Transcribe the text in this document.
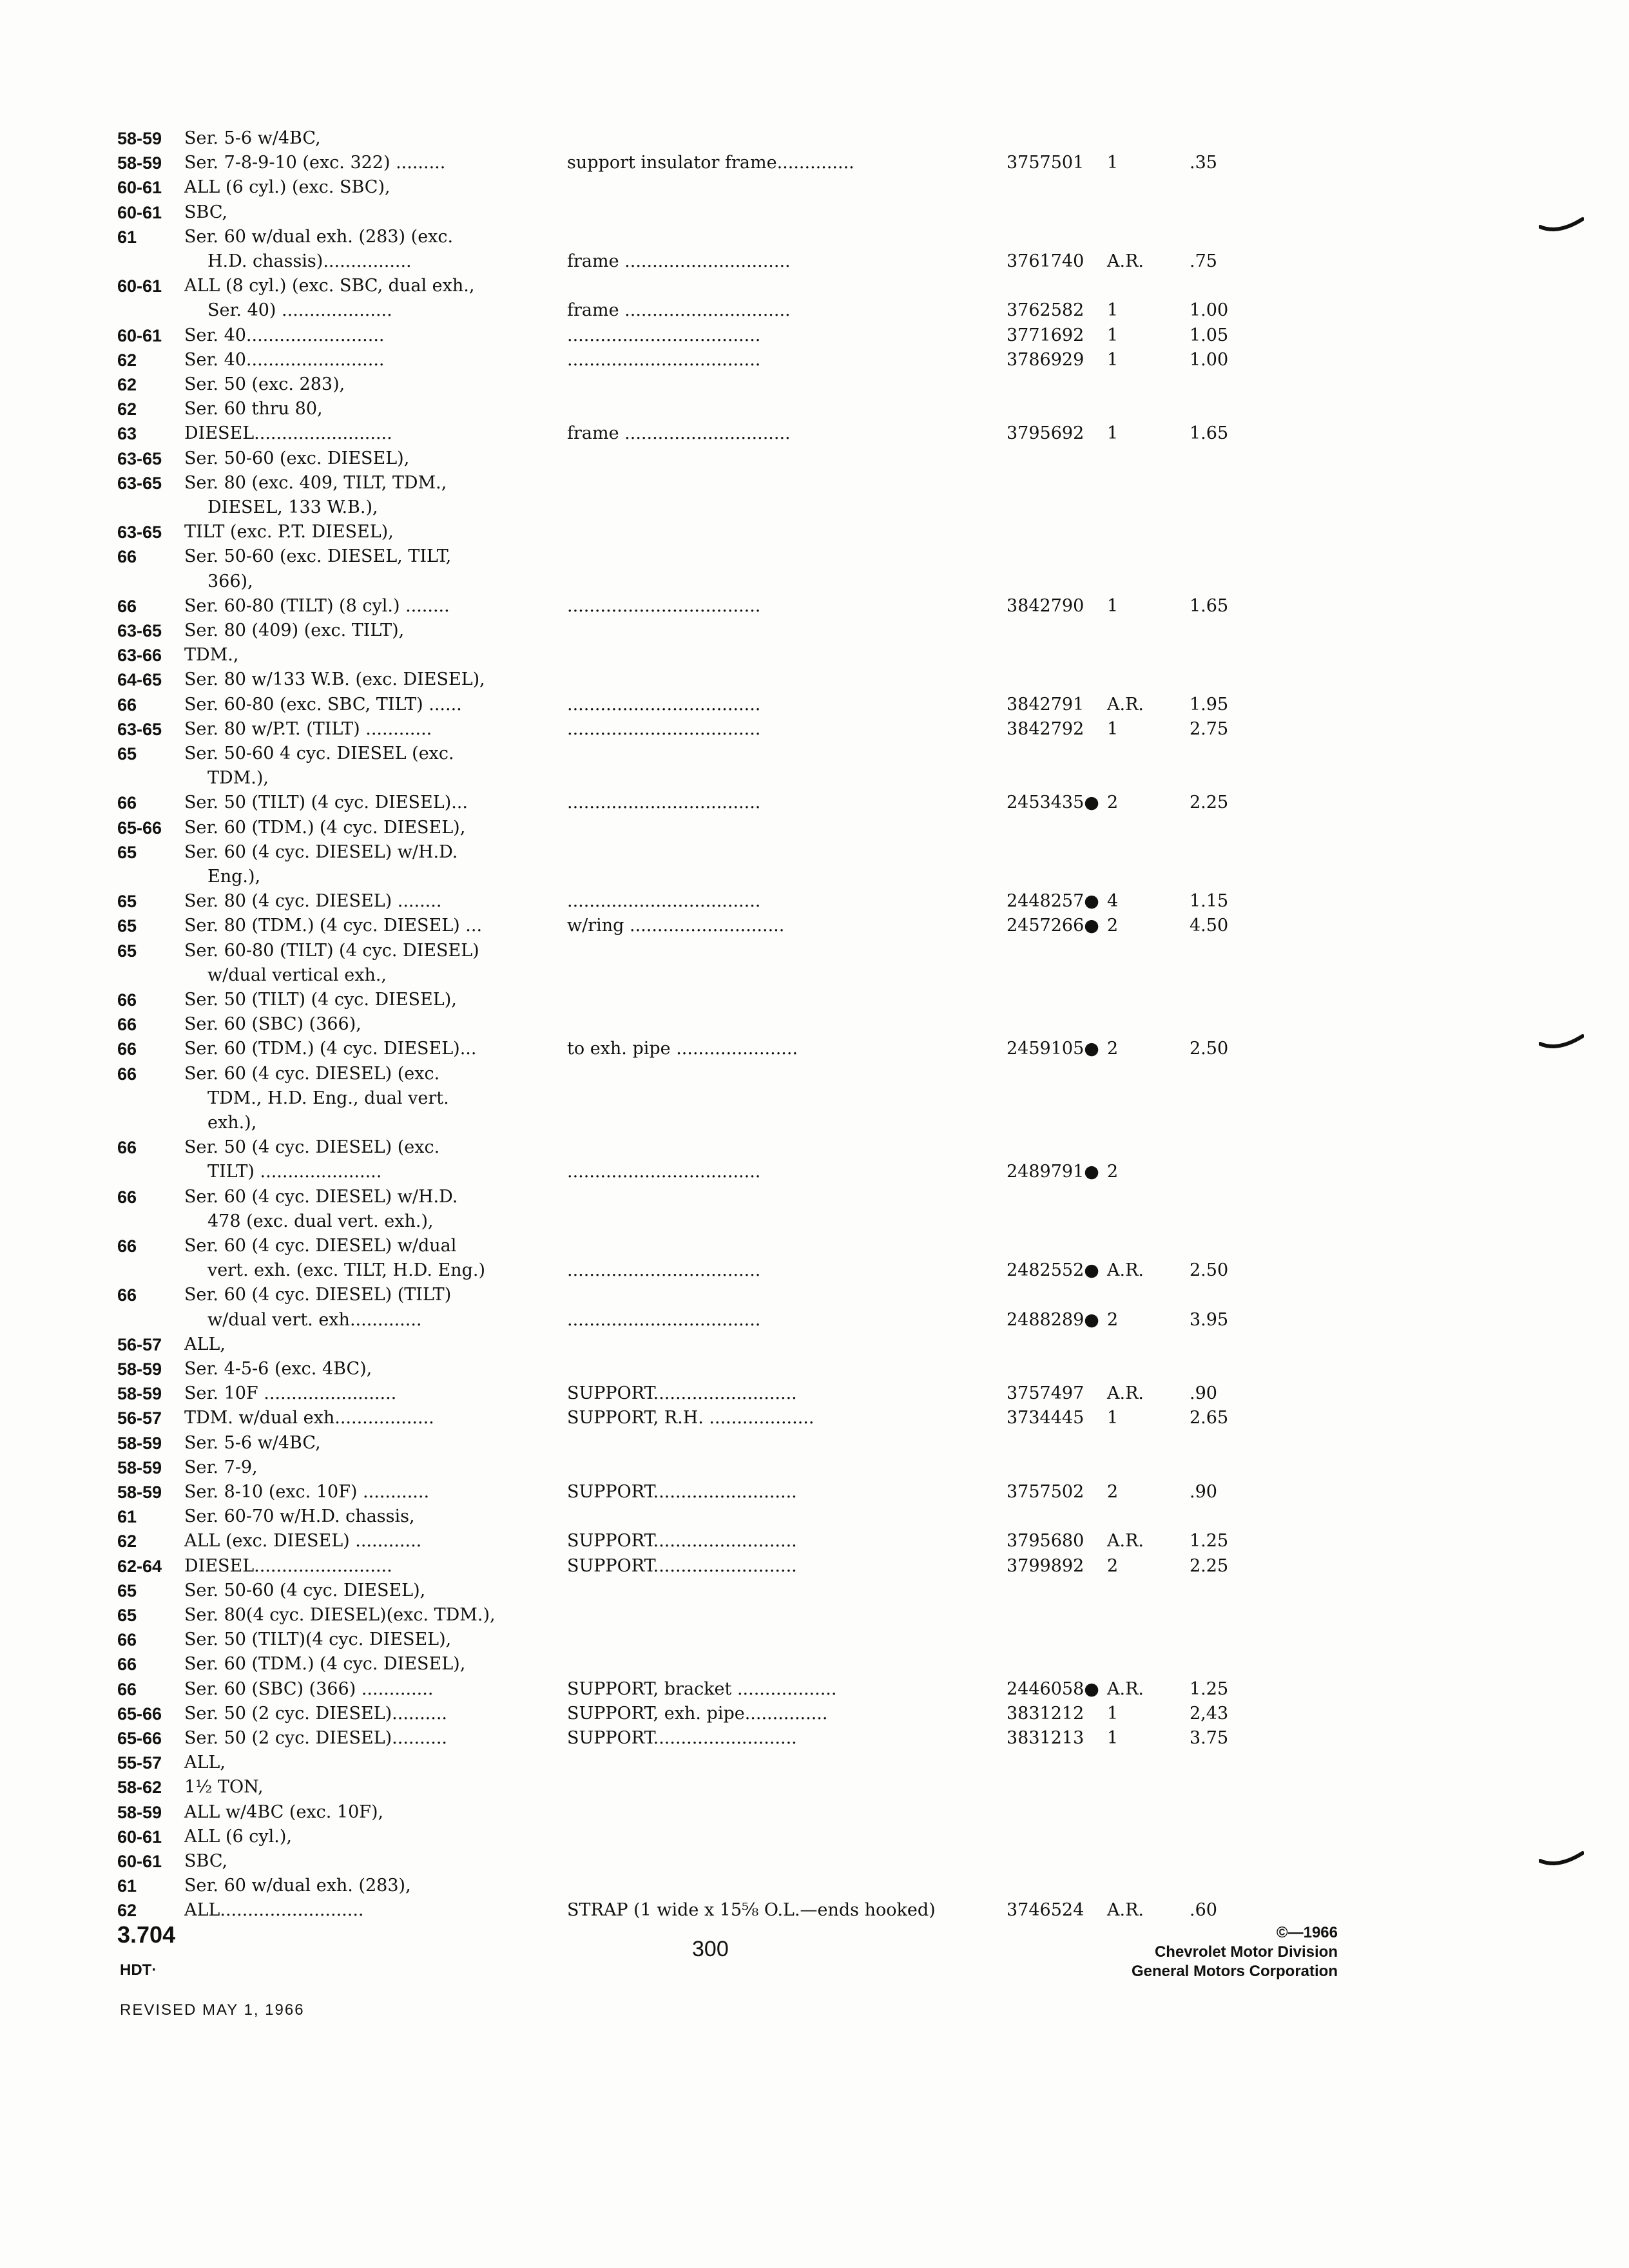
58-59 Ser. 5-6 w/4BC,
58-59 Ser. 7-8-9-10 (exc. 322) .........	support insulator frame..............	3757501 1	.35
60-61 ALL (6 cyl.) (exc. SBC),
60-61 SBC,
61	Ser. 60 w/dual exh. (283) (exc.
H.D. chassis)................	frame ..............................	3761740 A.R.	.75
60-61 ALL (8 cyl.) (exc. SBC, dual exh.,
Ser. 40) ....................	frame ..............................	3762582 1	1.00
60-61 Ser. 40.........................	...................................	3771692 1	1.05
62	Ser. 40.........................	...................................	3786929 1	1.00
62	Ser. 50 (exc. 283),
62	Ser. 60 thru 80,
63	DIESEL.........................	frame ..............................	3795692 1	1.65
63-65 Ser. 50-60 (exc. DIESEL),
63-65 Ser. 80 (exc. 409, TILT, TDM.,
DIESEL, 133 W.B.),
63-65 TILT (exc. P.T. DIESEL),
66	Ser. 50-60 (exc. DIESEL, TILT,
366),
66	Ser. 60-80 (TILT) (8 cyl.) ........	...................................	3842790 1	1.65
63-65 Ser. 80 (409) (exc. TILT),
63-66 TDM.,
64-65 Ser. 80 w/133 W.B. (exc. DIESEL),
66	Ser. 60-80 (exc. SBC, TILT) ......	...................................	3842791 A.R.	1.95
63-65 Ser. 80 w/P.T. (TILT) ............	...................................	3842792 1	2.75
65	Ser. 50-60 4 cyc. DIESEL (exc.
TDM.),
66	Ser. 50 (TILT) (4 cyc. DIESEL)...	...................................	2453435● 2	2.25
65-66 Ser. 60 (TDM.) (4 cyc. DIESEL),
65	Ser. 60 (4 cyc. DIESEL) w/H.D.
Eng.),
65	Ser. 80 (4 cyc. DIESEL) ........	...................................	2448257● 4	1.15
65	Ser. 80 (TDM.) (4 cyc. DIESEL) ...	w/ring ............................	2457266● 2	4.50
65	Ser. 60-80 (TILT) (4 cyc. DIESEL)
w/dual vertical exh.,
66	Ser. 50 (TILT) (4 cyc. DIESEL),
66	Ser. 60 (SBC) (366),
66	Ser. 60 (TDM.) (4 cyc. DIESEL)...	to exh. pipe ......................	2459105● 2	2.50
66	Ser. 60 (4 cyc. DIESEL) (exc.
TDM., H.D. Eng., dual vert.
exh.),
66	Ser. 50 (4 cyc. DIESEL) (exc.
TILT) ......................	...................................	2489791● 2
66	Ser. 60 (4 cyc. DIESEL) w/H.D.
478 (exc. dual vert. exh.),
66	Ser. 60 (4 cyc. DIESEL) w/dual
vert. exh. (exc. TILT, H.D. Eng.)	...................................	2482552● A.R.	2.50
66	Ser. 60 (4 cyc. DIESEL) (TILT)
w/dual vert. exh.............	...................................	2488289● 2	3.95
56-57 ALL,
58-59 Ser. 4-5-6 (exc. 4BC),
58-59 Ser. 10F ........................	SUPPORT..........................	3757497 A.R.	.90
56-57 TDM. w/dual exh..................	SUPPORT, R.H. ...................	3734445 1	2.65
58-59 Ser. 5-6 w/4BC,
58-59 Ser. 7-9,
58-59 Ser. 8-10 (exc. 10F) ............	SUPPORT..........................	3757502 2	.90
61	Ser. 60-70 w/H.D. chassis,
62	ALL (exc. DIESEL) ............	SUPPORT..........................	3795680 A.R.	1.25
62-64 DIESEL.........................	SUPPORT..........................	3799892 2	2.25
65	Ser. 50-60 (4 cyc. DIESEL),
65	Ser. 80(4 cyc. DIESEL)(exc. TDM.),
66	Ser. 50 (TILT)(4 cyc. DIESEL),
66	Ser. 60 (TDM.) (4 cyc. DIESEL),
66	Ser. 60 (SBC) (366) .............	SUPPORT, bracket ..................	2446058● A.R.	1.25
65-66 Ser. 50 (2 cyc. DIESEL)..........	SUPPORT, exh. pipe...............	3831212 1	2,43
65-66 Ser. 50 (2 cyc. DIESEL)..........	SUPPORT..........................	3831213 1	3.75
55-57 ALL,
58-62 1½ TON,
58-59 ALL w/4BC (exc. 10F),
60-61 ALL (6 cyl.),
60-61 SBC,
61	Ser. 60 w/dual exh. (283),
62	ALL..........................	STRAP (1 wide x 15⅝ O.L.—ends hooked)	3746524 A.R.	.60
3.704
HDT·
REVISED MAY 1, 1966
300
©—1966
Chevrolet Motor Division
General Motors Corporation
